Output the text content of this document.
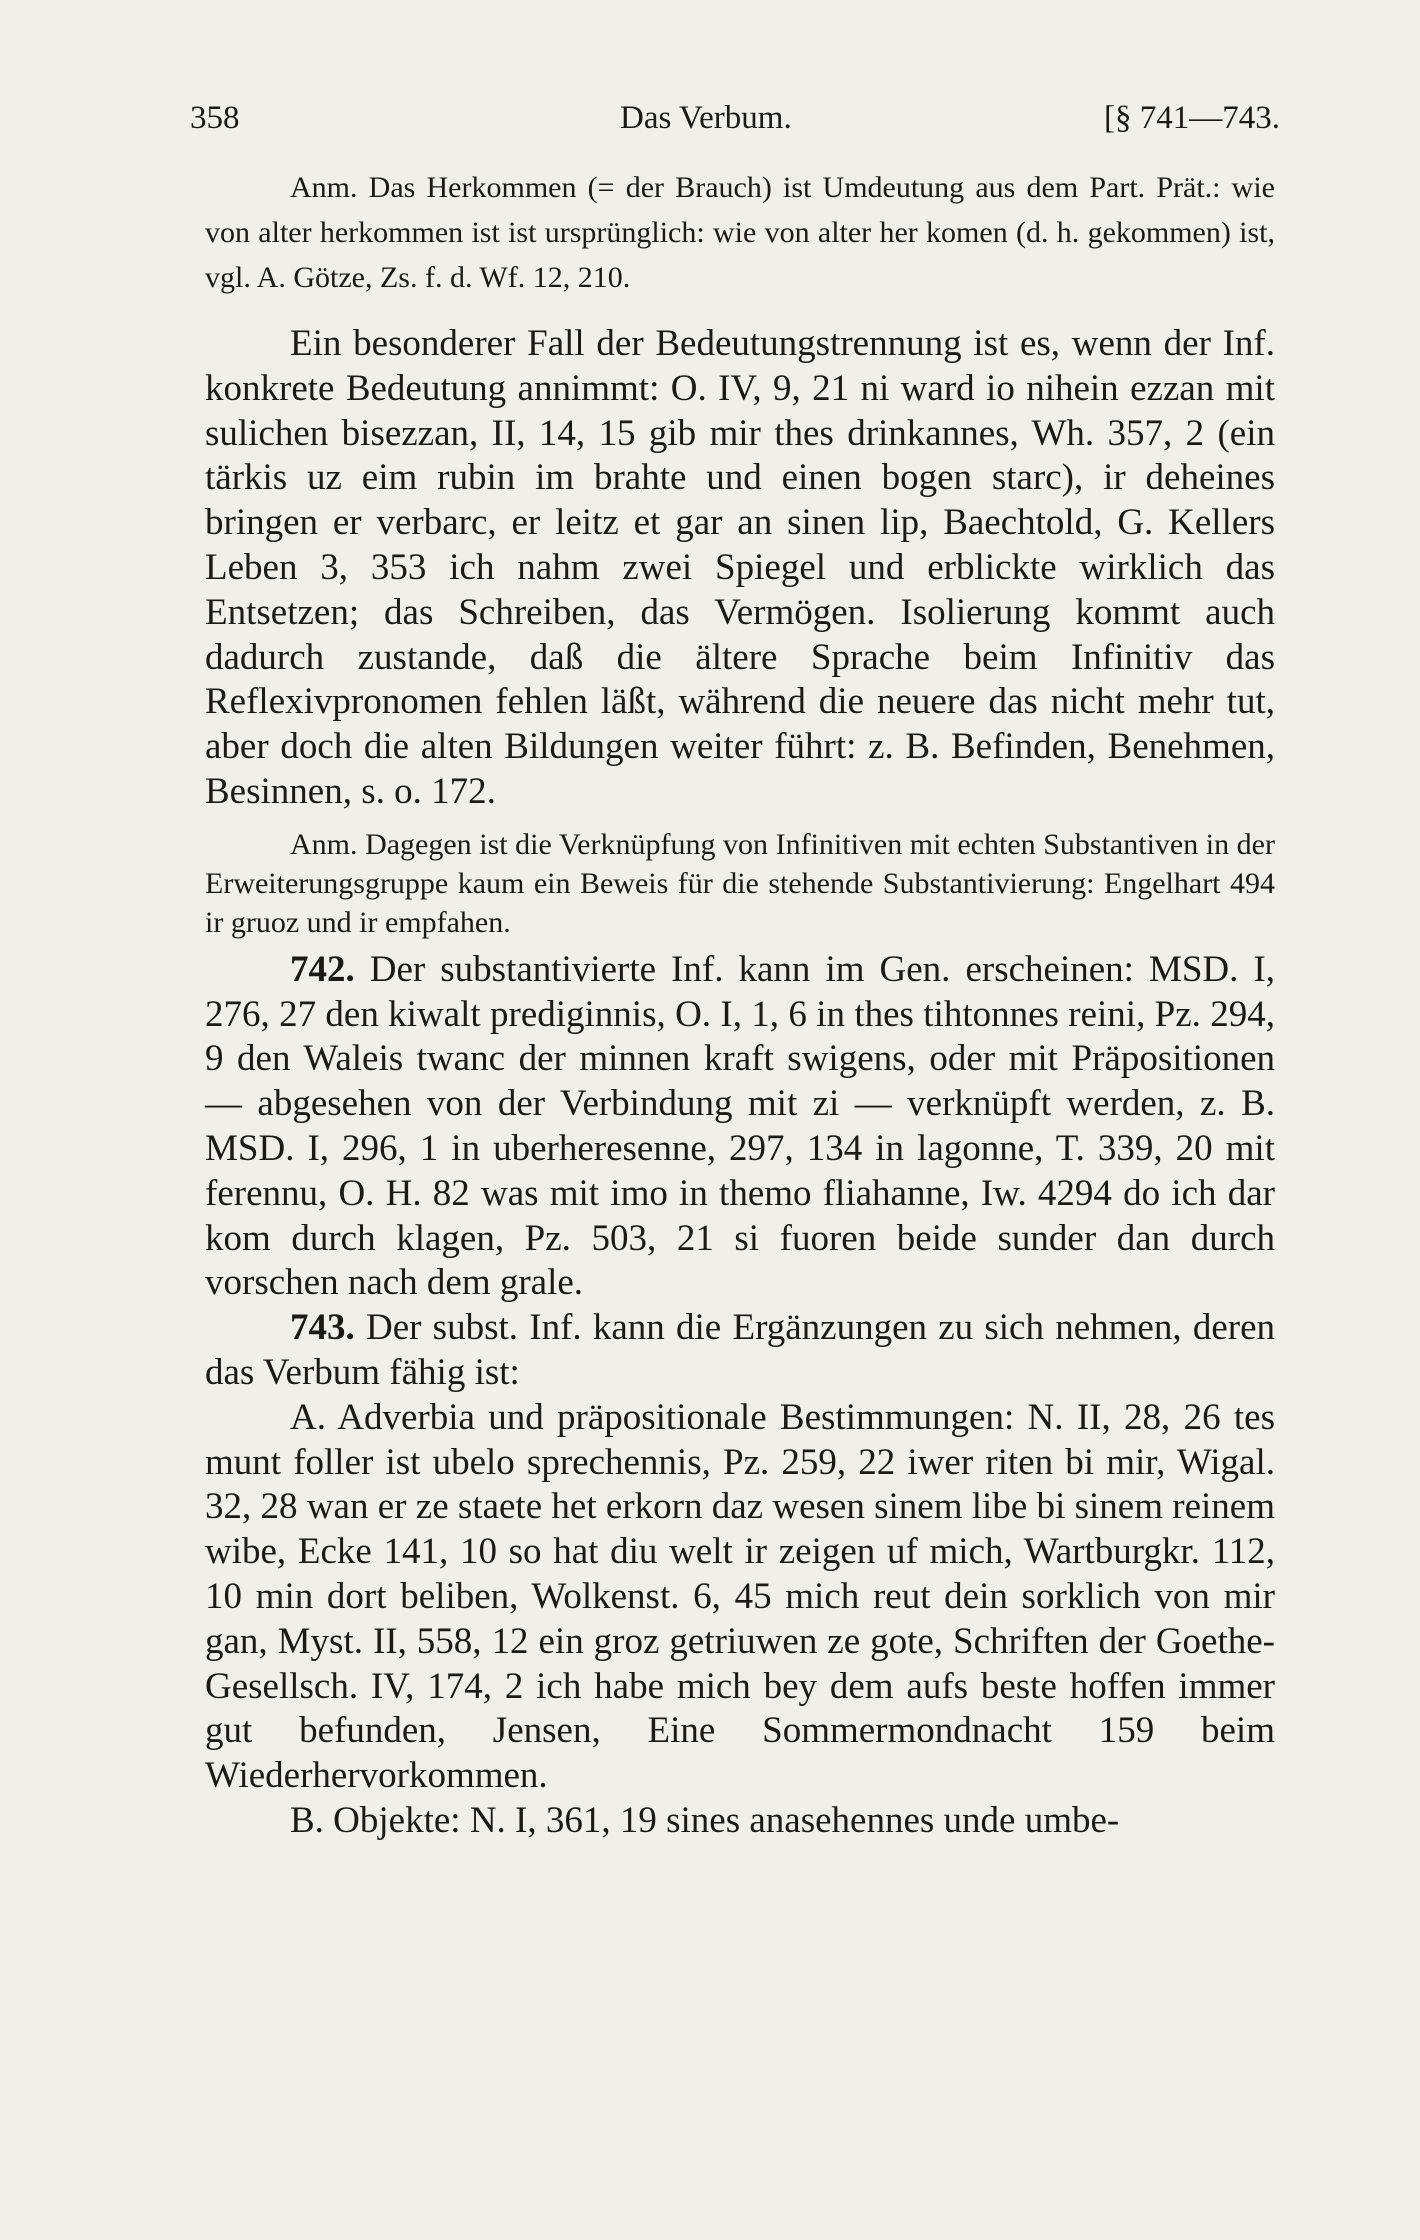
358	Das Verbum.	[§ 741—743.

Anm. Das Herkommen (= der Brauch) ist Umdeutung aus dem Part. Prät.: wie von alter herkommen ist ist ursprünglich: wie von alter her komen (d. h. gekommen) ist, vgl. A. Götze, Zs. f. d. Wf. 12, 210.

Ein besonderer Fall der Bedeutungstrennung ist es, wenn der Inf. konkrete Bedeutung annimmt: O. IV, 9, 21 ni ward io nihein ezzan mit sulichen bisezzan, II, 14, 15 gib mir thes drinkannes, Wh. 357, 2 (ein tärkis uz eim rubin im brahte und einen bogen starc), ir deheines bringen er verbarc, er leitz et gar an sinen lip, Baechtold, G. Kellers Leben 3, 353 ich nahm zwei Spiegel und erblickte wirklich das Entsetzen; das Schreiben, das Vermögen. Isolierung kommt auch dadurch zustande, daß die ältere Sprache beim Infinitiv das Reflexivpronomen fehlen läßt, während die neuere das nicht mehr tut, aber doch die alten Bildungen weiter führt: z. B. Befinden, Benehmen, Besinnen, s. o. 172.

Anm. Dagegen ist die Verknüpfung von Infinitiven mit echten Substantiven in der Erweiterungsgruppe kaum ein Beweis für die stehende Substantivierung: Engelhart 494 ir gruoz und ir empfahen.

742. Der substantivierte Inf. kann im Gen. erscheinen: MSD. I, 276, 27 den kiwalt prediginnis, O. I, 1, 6 in thes tihtonnes reini, Pz. 294, 9 den Waleis twanc der minnen kraft swigens, oder mit Präpositionen — abgesehen von der Verbindung mit zi — verknüpft werden, z. B. MSD. I, 296, 1 in uberheresenne, 297, 134 in lagonne, T. 339, 20 mit ferennu, O. H. 82 was mit imo in themo fliahanne, Iw. 4294 do ich dar kom durch klagen, Pz. 503, 21 si fuoren beide sunder dan durch vorschen nach dem grale.

743. Der subst. Inf. kann die Ergänzungen zu sich nehmen, deren das Verbum fähig ist:

A. Adverbia und präpositionale Bestimmungen: N. II, 28, 26 tes munt foller ist ubelo sprechennis, Pz. 259, 22 iwer riten bi mir, Wigal. 32, 28 wan er ze staete het erkorn daz wesen sinem libe bi sinem reinem wibe, Ecke 141, 10 so hat diu welt ir zeigen uf mich, Wartburgkr. 112, 10 min dort beliben, Wolkenst. 6, 45 mich reut dein sorklich von mir gan, Myst. II, 558, 12 ein groz getriuwen ze gote, Schriften der Goethe-Gesellsch. IV, 174, 2 ich habe mich bey dem aufs beste hoffen immer gut befunden, Jensen, Eine Sommermondnacht 159 beim Wiederhervorkommen.

B. Objekte: N. I, 361, 19 sines anasehennes unde umbe-
